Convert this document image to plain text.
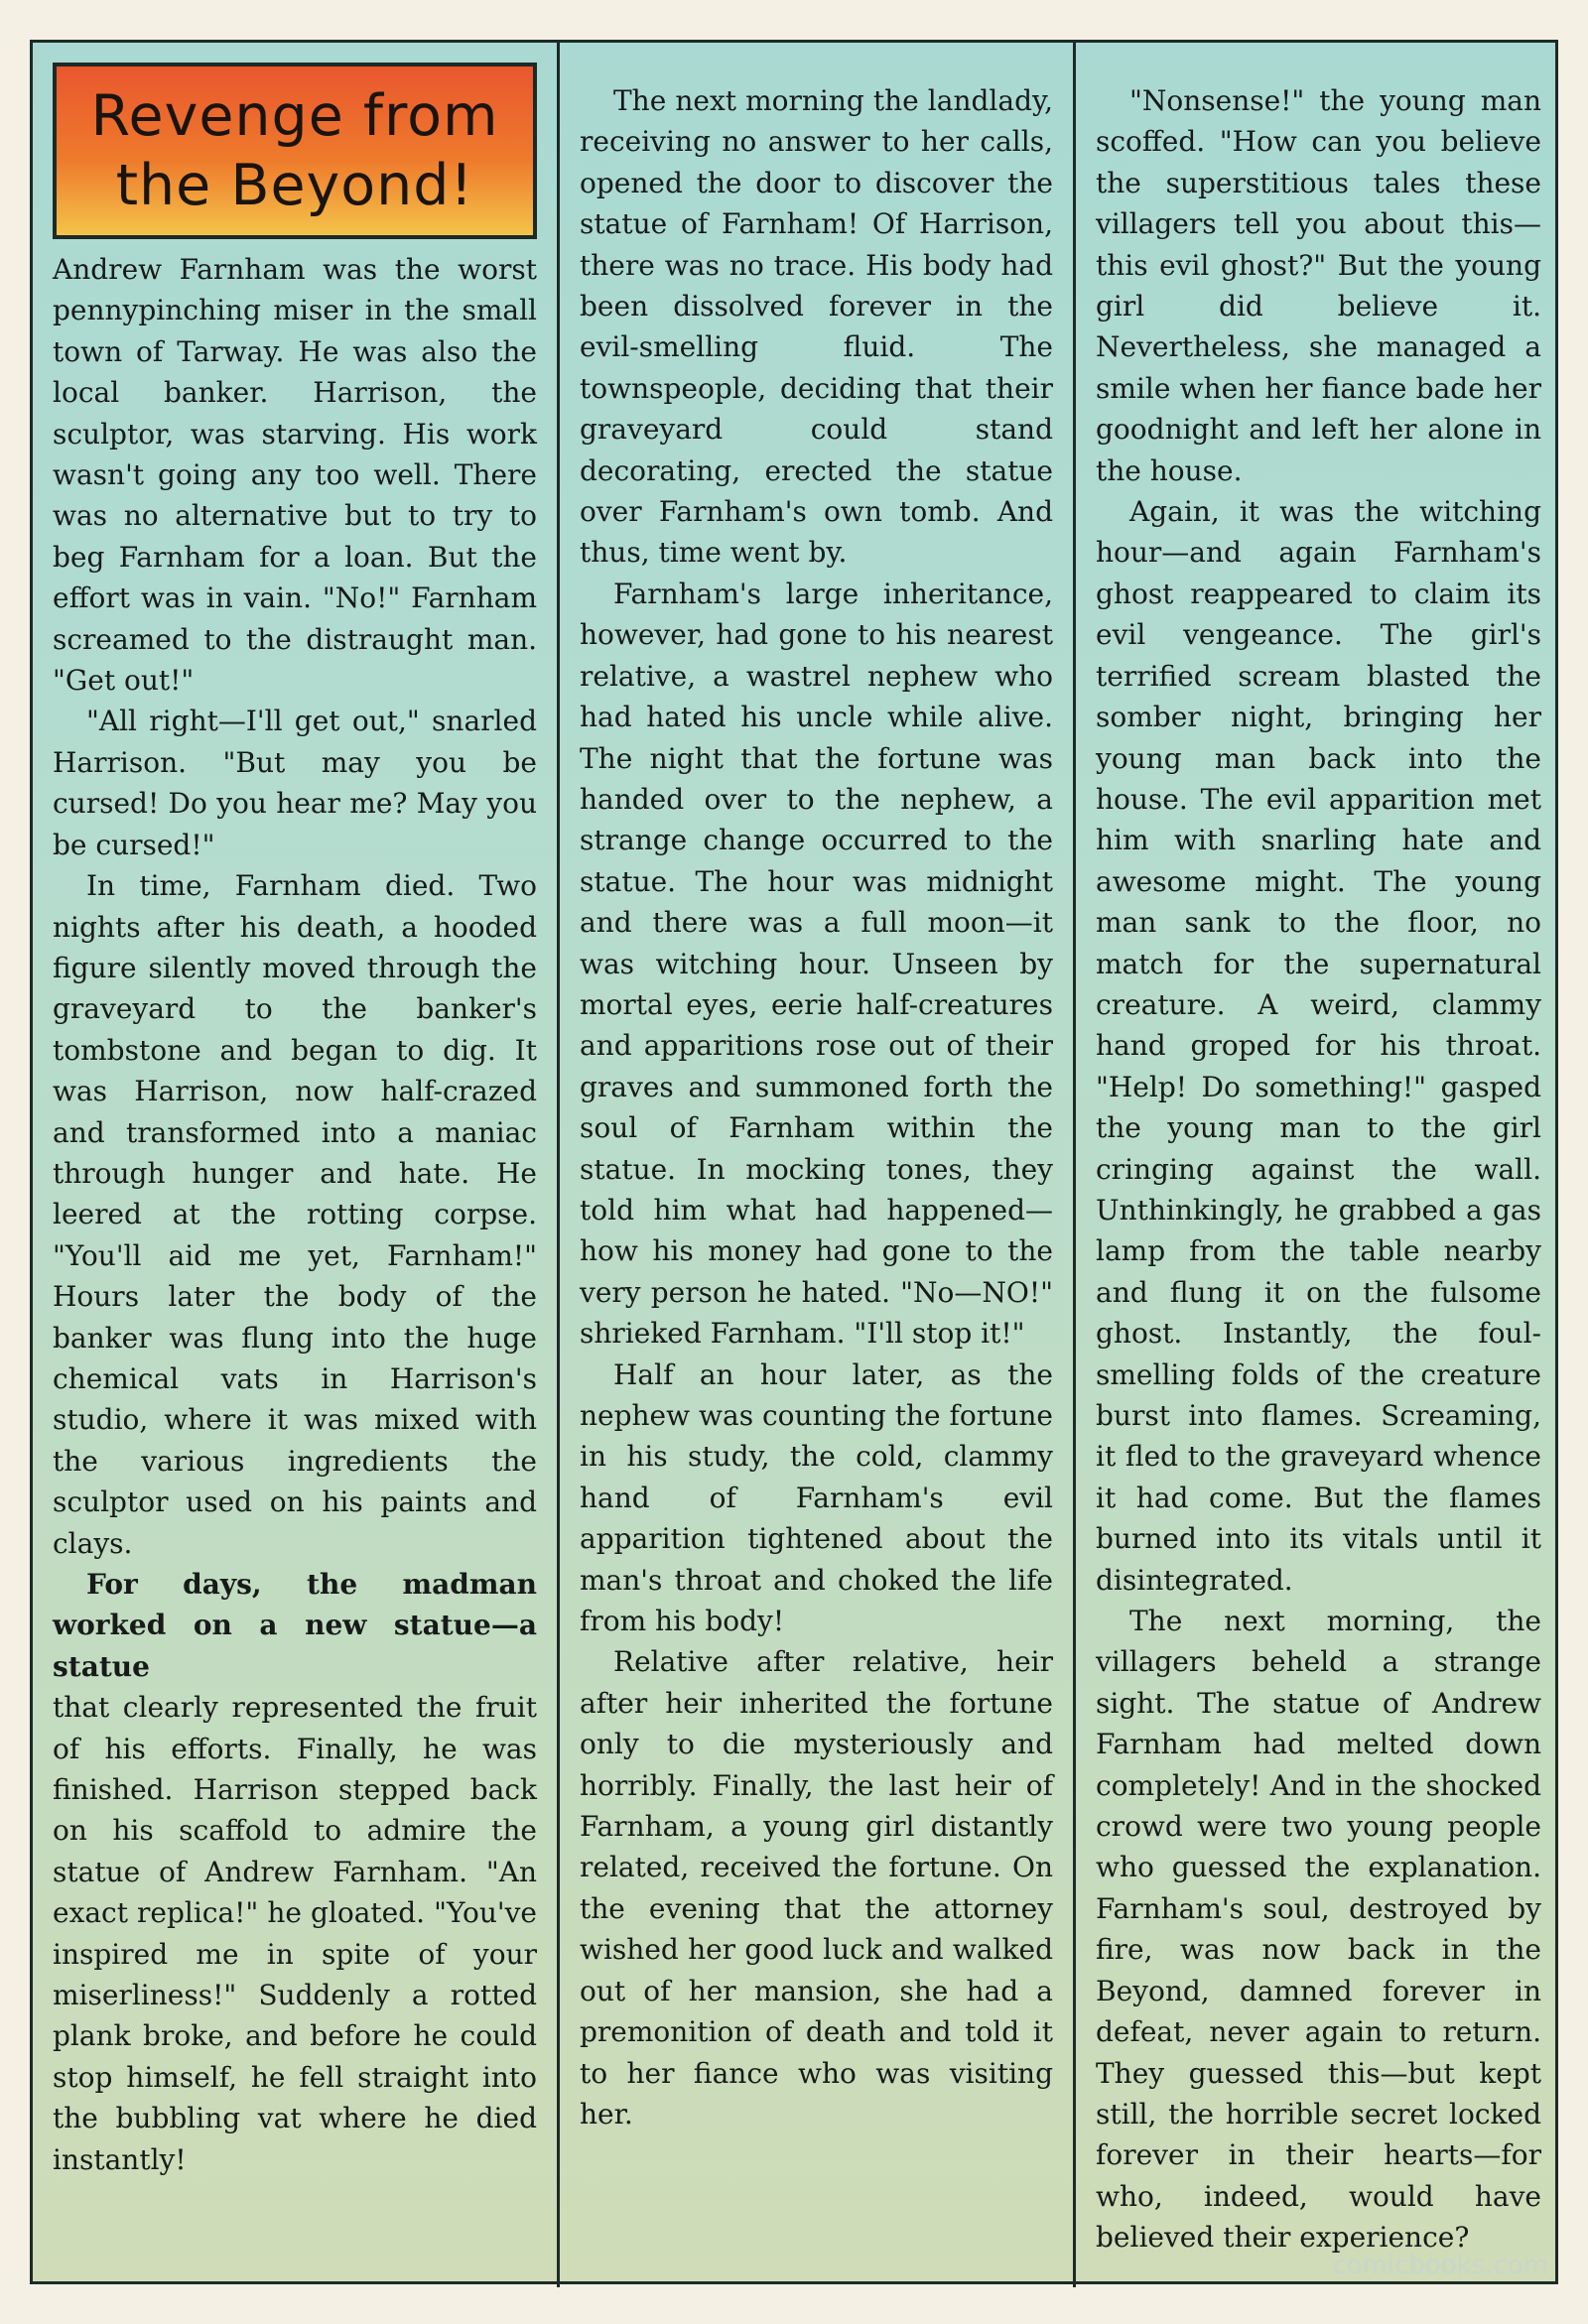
Revenge from
the Beyond!

Andrew Farnham was the worst pennypinching miser in the small town of Tarway. He was also the local banker. Harrison, the sculptor, was starving. His work wasn't going any too well. There was no alternative but to try to beg Farnham for a loan. But the effort was in vain. "No!" Farnham screamed to the distraught man. "Get out!"

"All right—I'll get out," snarled Harrison. "But may you be cursed! Do you hear me? May you be cursed!"

In time, Farnham died. Two nights after his death, a hooded figure silently moved through the graveyard to the banker's tombstone and began to dig. It was Harrison, now half-crazed and transformed into a maniac through hunger and hate. He leered at the rotting corpse. "You'll aid me yet, Farnham!" Hours later the body of the banker was flung into the huge chemical vats in Harrison's studio, where it was mixed with the various ingredients the sculptor used on his paints and clays.

For days, the madman worked on a new statue—a statue

that clearly represented the fruit of his efforts. Finally, he was finished. Harrison stepped back on his scaffold to admire the statue of Andrew Farnham. "An exact replica!" he gloated. "You've inspired me in spite of your miserliness!" Suddenly a rotted plank broke, and before he could stop himself, he fell straight into the bubbling vat where he died instantly!

The next morning the landlady, receiving no answer to her calls, opened the door to discover the statue of Farnham! Of Harrison, there was no trace. His body had been dissolved forever in the evil-smelling fluid. The townspeople, deciding that their graveyard could stand decorating, erected the statue over Farnham's own tomb. And thus, time went by.

Farnham's large inheritance, however, had gone to his nearest relative, a wastrel nephew who had hated his uncle while alive. The night that the fortune was handed over to the nephew, a strange change occurred to the statue. The hour was midnight and there was a full moon—it was witching hour. Unseen by mortal eyes, eerie half-creatures and apparitions rose out of their graves and summoned forth the soul of Farnham within the statue. In mocking tones, they told him what had happened—how his money had gone to the very person he hated. "No—NO!" shrieked Farnham. "I'll stop it!"

Half an hour later, as the nephew was counting the fortune in his study, the cold, clammy hand of Farnham's evil apparition tightened about the man's throat and choked the life from his body!

Relative after relative, heir after heir inherited the fortune only to die mysteriously and horribly. Finally, the last heir of Farnham, a young girl distantly related, received the fortune. On the evening that the attorney wished her good luck and walked out of her mansion, she had a premonition of death and told it to her fiance who was visiting her.

"Nonsense!" the young man scoffed. "How can you believe the superstitious tales these villagers tell you about this—this evil ghost?" But the young girl did believe it. Nevertheless, she managed a smile when her fiance bade her goodnight and left her alone in the house.

Again, it was the witching hour—and again Farnham's ghost reappeared to claim its evil vengeance. The girl's terrified scream blasted the somber night, bringing her young man back into the house. The evil apparition met him with snarling hate and awesome might. The young man sank to the floor, no match for the supernatural creature. A weird, clammy hand groped for his throat. "Help! Do something!" gasped the young man to the girl cringing against the wall. Unthinkingly, he grabbed a gas lamp from the table nearby and flung it on the fulsome ghost. Instantly, the foul-smelling folds of the creature burst into flames. Screaming, it fled to the graveyard whence it had come. But the flames burned into its vitals until it disintegrated.

The next morning, the villagers beheld a strange sight. The statue of Andrew Farnham had melted down completely! And in the shocked crowd were two young people who guessed the explanation. Farnham's soul, destroyed by fire, was now back in the Beyond, damned forever in defeat, never again to return. They guessed this—but kept still, the horrible secret locked forever in their hearts—for who, indeed, would have believed their experience?

comicbooks.com
